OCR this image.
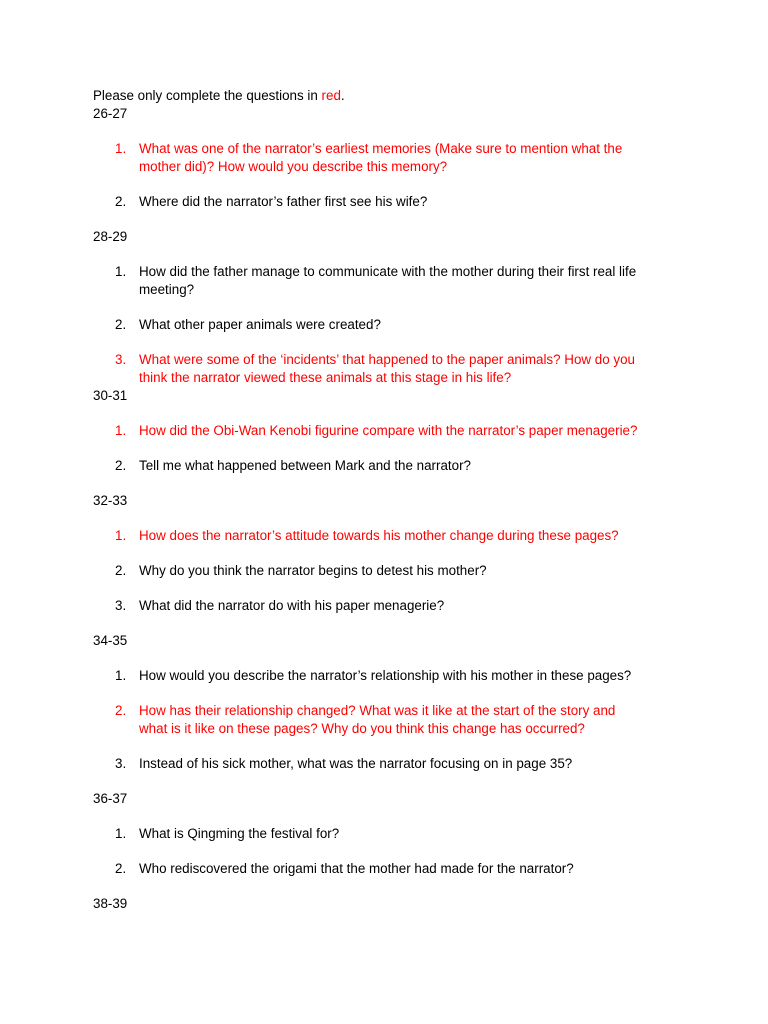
Please only complete the questions in red.
26-27
1. What was one of the narrator’s earliest memories (Make sure to mention what the
mother did)? How would you describe this memory?
2. Where did the narrator’s father first see his wife?
28-29
1. How did the father manage to communicate with the mother during their first real life
meeting?
2. What other paper animals were created?
3. What were some of the ‘incidents’ that happened to the paper animals? How do you
think the narrator viewed these animals at this stage in his life?
30-31
1. How did the Obi-Wan Kenobi figurine compare with the narrator’s paper menagerie?
2. Tell me what happened between Mark and the narrator?
32-33
1. How does the narrator’s attitude towards his mother change during these pages?
2. Why do you think the narrator begins to detest his mother?
3. What did the narrator do with his paper menagerie?
34-35
1. How would you describe the narrator’s relationship with his mother in these pages?
2. How has their relationship changed? What was it like at the start of the story and
what is it like on these pages? Why do you think this change has occurred?
3. Instead of his sick mother, what was the narrator focusing on in page 35?
36-37
1. What is Qingming the festival for?
2. Who rediscovered the origami that the mother had made for the narrator?
38-39
